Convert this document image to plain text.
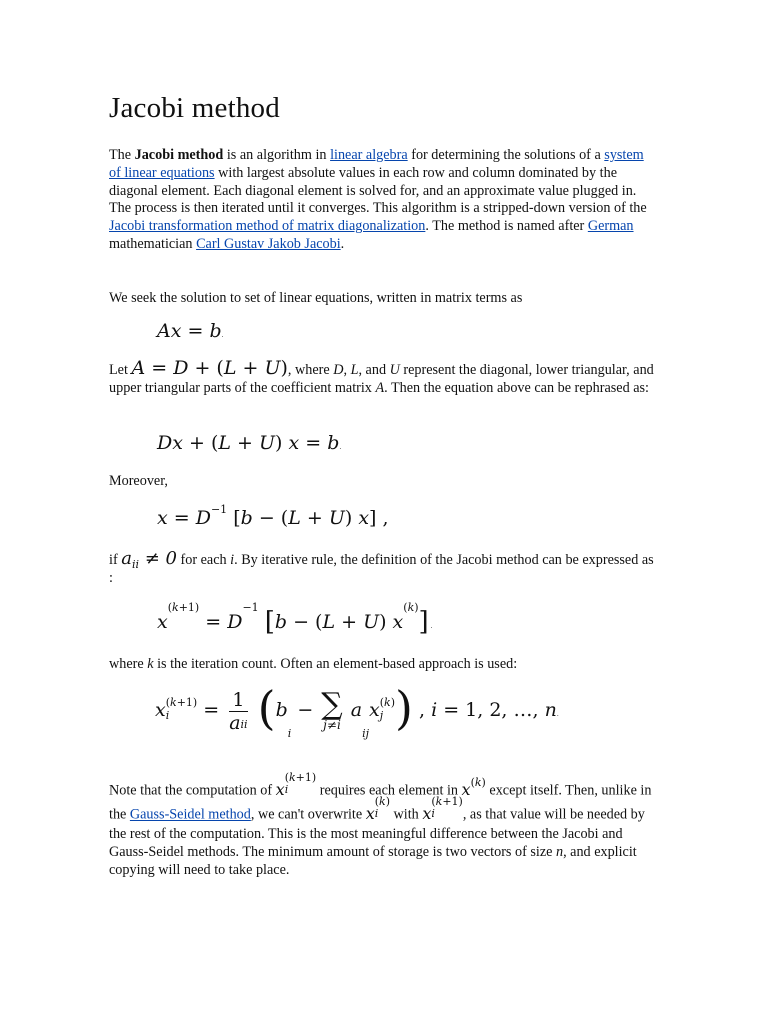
Jacobi method
The Jacobi method is an algorithm in linear algebra for determining the solutions of a system of linear equations with largest absolute values in each row and column dominated by the diagonal element. Each diagonal element is solved for, and an approximate value plugged in. The process is then iterated until it converges. This algorithm is a stripped-down version of the Jacobi transformation method of matrix diagonalization. The method is named after German mathematician Carl Gustav Jakob Jacobi.
We seek the solution to set of linear equations, written in matrix terms as
Ax = b.
Let A = D + (L + U), where D, L, and U represent the diagonal, lower triangular, and upper triangular parts of the coefficient matrix A. Then the equation above can be rephrased as:
Dx + (L + U) x = b.
Moreover,
$x = D^{-1}$ [b − (L + U) x] ,
if $a_{ii} \ne 0$ for each i. By iterative rule, the definition of the Jacobi method can be expressed as :
$x^{(k+1)} = D^{-1}$ [b − (L + U) $x^{(k)}$] .
where k is the iteration count. Often an element-based approach is used:
x (k+1)
i	= $\frac{1}{a_{ii}} (b_i$ − ∑
j≠i
$a_{ij}x$ (k)
j ) , i = 1, 2, …, n.
Note that the computation of x
(k+1)
i	requires each element in $x^{(k)}$ except itself. Then, unlike in the Gauss-Seidel method, we can't overwrite x
(k)
i with x
(k+1)
i	, as that value will be needed by the rest of the computation. This is the most meaningful difference between the Jacobi and Gauss-Seidel methods. The minimum amount of storage is two vectors of size n, and explicit copying will need to take place.
